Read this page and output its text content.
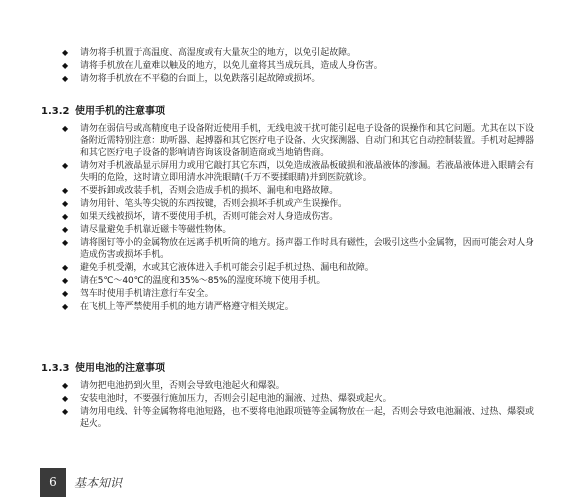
◆ 请勿将手机置于高温度、高湿度或有大量灰尘的地方，以免引起故障。
◆ 请将手机放在儿童难以触及的地方，以免儿童将其当成玩具，造成人身伤害。
◆ 请勿将手机放在不平稳的台面上，以免跌落引起故障或损坏。
1.3.2 使用手机的注意事项
◆ 请勿在弱信号或高精度电子设备附近使用手机，无线电波干扰可能引起电子设备的误操作和其它问题。尤其在以下设备附近需特别注意：助听器、起搏器和其它医疗电子设备、火灾探测器、自动门和其它自动控制装置。手机对起搏器和其它医疗电子设备的影响请咨询该设备制造商或当地销售商。
◆ 请勿对手机液晶显示屏用力或用它敲打其它东西，以免造成液晶板破损和液晶液体的渗漏。若液晶液体进入眼睛会有失明的危险，这时请立即用清水冲洗眼睛(千万不要揉眼睛)并到医院就诊。
◆ 不要拆卸或改装手机，否则会造成手机的损坏、漏电和电路故障。
◆ 请勿用针、笔头等尖锐的东西按键，否则会损坏手机或产生误操作。
◆ 如果天线被损坏，请不要使用手机，否则可能会对人身造成伤害。
◆ 请尽量避免手机靠近磁卡等磁性物体。
◆ 请将图钉等小的金属物放在远离手机听筒的地方。扬声器工作时具有磁性，会吸引这些小金属物，因而可能会对人身造成伤害或损坏手机。
◆ 避免手机受潮，水或其它液体进入手机可能会引起手机过热、漏电和故障。
◆ 请在5℃～40℃的温度和35%～85%的湿度环境下使用手机。
◆ 驾车时使用手机请注意行车安全。
◆ 在飞机上等严禁使用手机的地方请严格遵守相关规定。
1.3.3 使用电池的注意事项
◆ 请勿把电池扔到火里，否则会导致电池起火和爆裂。
◆ 安装电池时，不要强行施加压力，否则会引起电池的漏液、过热、爆裂或起火。
◆ 请勿用电线、针等金属物将电池短路，也不要将电池跟项链等金属物放在一起，否则会导致电池漏液、过热、爆裂或起火。
6	基本知识
